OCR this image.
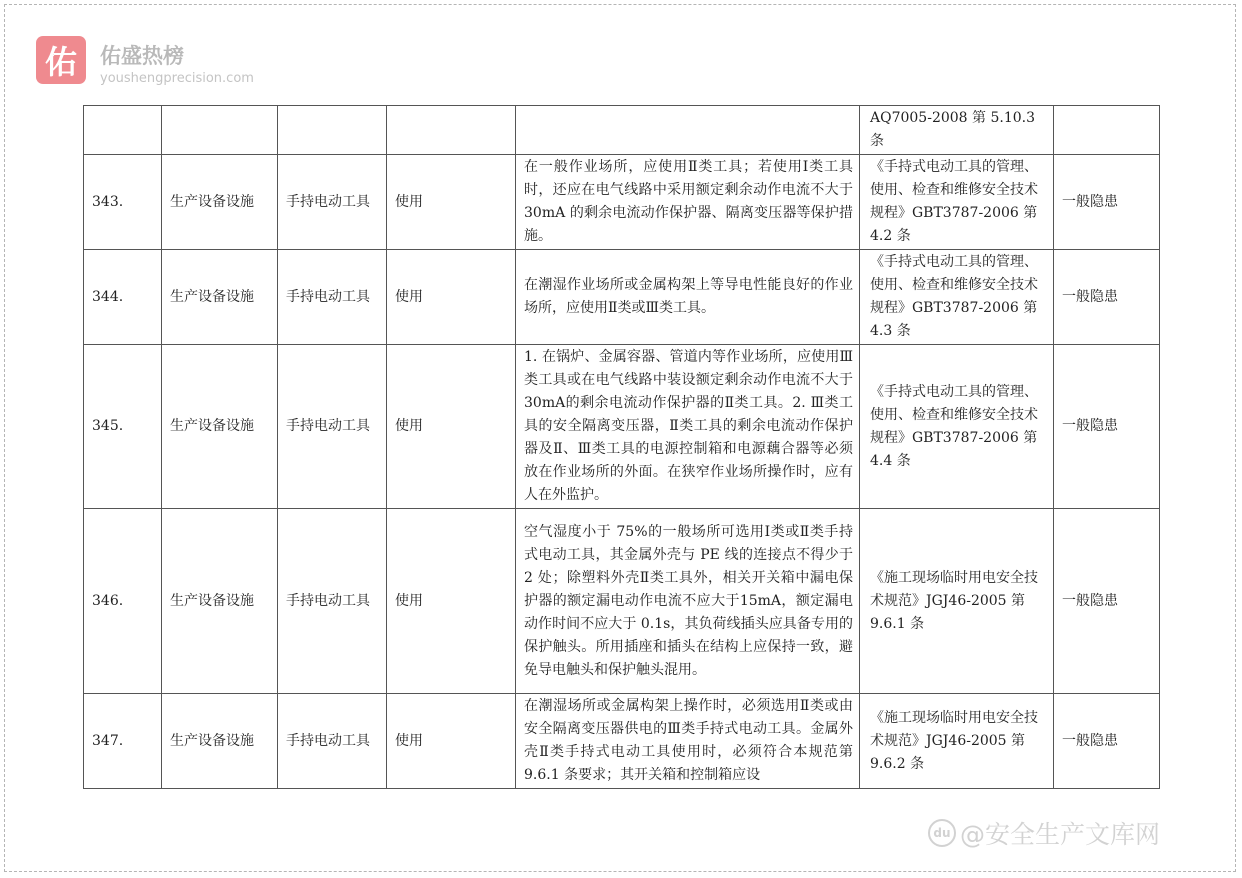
佑	佑盛热榜
youshengprecision.com
					AQ7005-2008 第 5.10.3 条	
343.	生产设备设施	手持电动工具	使用	在一般作业场所，应使用Ⅱ类工具；若使用Ⅰ类工具时，还应在电气线路中采用额定剩余动作电流不大于 30mA 的剩余电流动作保护器、隔离变压器等保护措施。	《手持式电动工具的管理、使用、检查和维修安全技术规程》GBT3787-2006 第 4.2 条	一般隐患
344.	生产设备设施	手持电动工具	使用	在潮湿作业场所或金属构架上等导电性能良好的作业场所，应使用Ⅱ类或Ⅲ类工具。	《手持式电动工具的管理、使用、检查和维修安全技术规程》GBT3787-2006 第 4.3 条	一般隐患
345.	生产设备设施	手持电动工具	使用	1. 在锅炉、金属容器、管道内等作业场所，应使用Ⅲ类工具或在电气线路中装设额定剩余动作电流不大于30mA的剩余电流动作保护器的Ⅱ类工具。2. Ⅲ类工具的安全隔离变压器，Ⅱ类工具的剩余电流动作保护器及Ⅱ、Ⅲ类工具的电源控制箱和电源藕合器等必须放在作业场所的外面。在狭窄作业场所操作时，应有人在外监护。	《手持式电动工具的管理、使用、检查和维修安全技术规程》GBT3787-2006 第 4.4 条	一般隐患
346.	生产设备设施	手持电动工具	使用	空气湿度小于 75%的一般场所可选用Ⅰ类或Ⅱ类手持式电动工具，其金属外壳与 PE 线的连接点不得少于 2 处；除塑料外壳Ⅱ类工具外，相关开关箱中漏电保护器的额定漏电动作电流不应大于15mA，额定漏电动作时间不应大于 0.1s，其负荷线插头应具备专用的保护触头。所用插座和插头在结构上应保持一致，避免导电触头和保护触头混用。	《施工现场临时用电安全技术规范》JGJ46-2005 第 9.6.1 条	一般隐患
347.	生产设备设施	手持电动工具	使用	在潮湿场所或金属构架上操作时，必须选用Ⅱ类或由安全隔离变压器供电的Ⅲ类手持式电动工具。金属外壳Ⅱ类手持式电动工具使用时，必须符合本规范第 9.6.1 条要求；其开关箱和控制箱应设	《施工现场临时用电安全技术规范》JGJ46-2005 第 9.6.2 条	一般隐患
du @安全生产文库网
